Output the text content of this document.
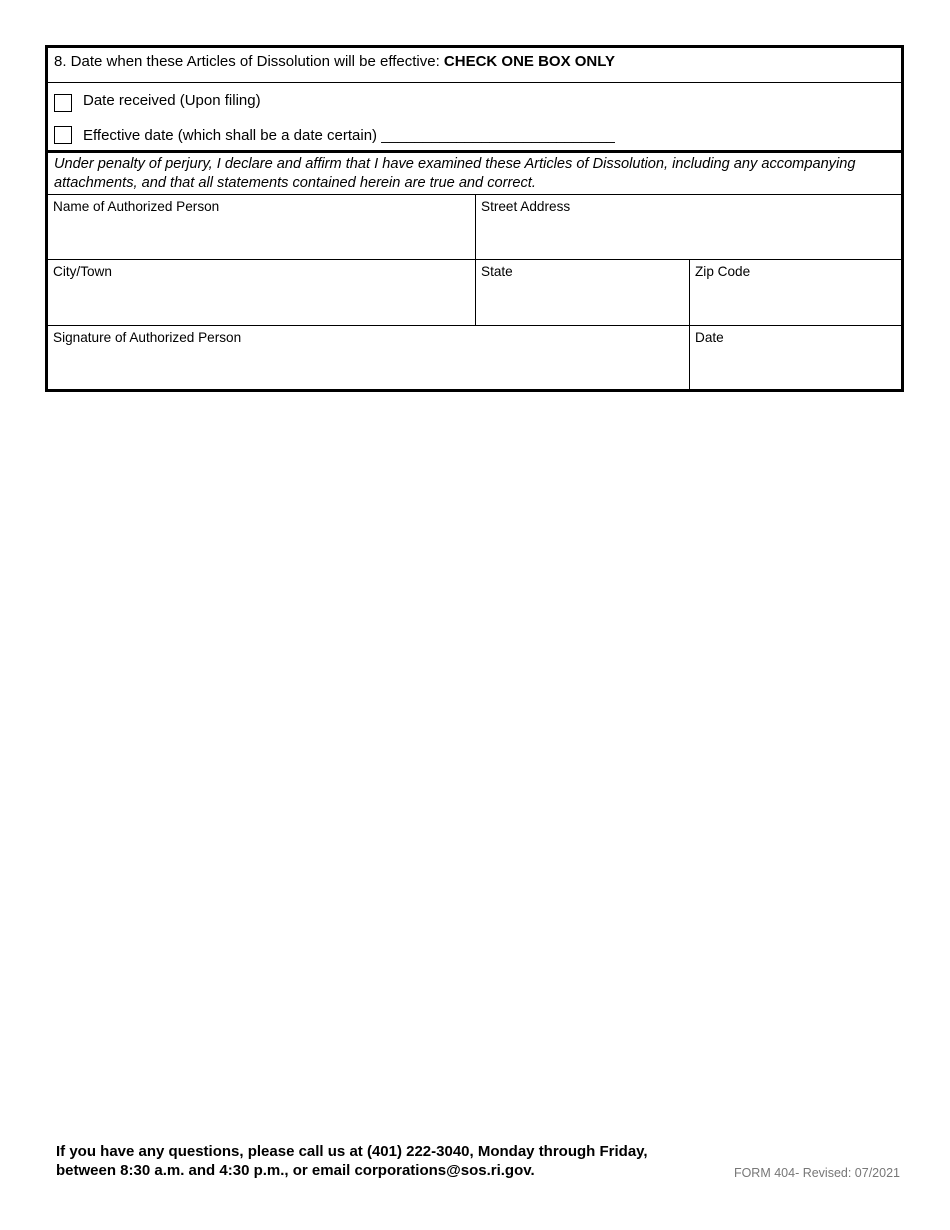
8. Date when these Articles of Dissolution will be effective: CHECK ONE BOX ONLY
Date received (Upon filing)
Effective date (which shall be a date certain) ____________________________
Under penalty of perjury, I declare and affirm that I have examined these Articles of Dissolution, including any accompanying attachments, and that all statements contained herein are true and correct.
Name of Authorized Person	Street Address
City/Town	State	Zip Code
Signature of Authorized Person	Date
If you have any questions, please call us at (401) 222-3040, Monday through Friday,
between 8:30 a.m. and 4:30 p.m., or email corporations@sos.ri.gov.	FORM 404- Revised: 07/2021
